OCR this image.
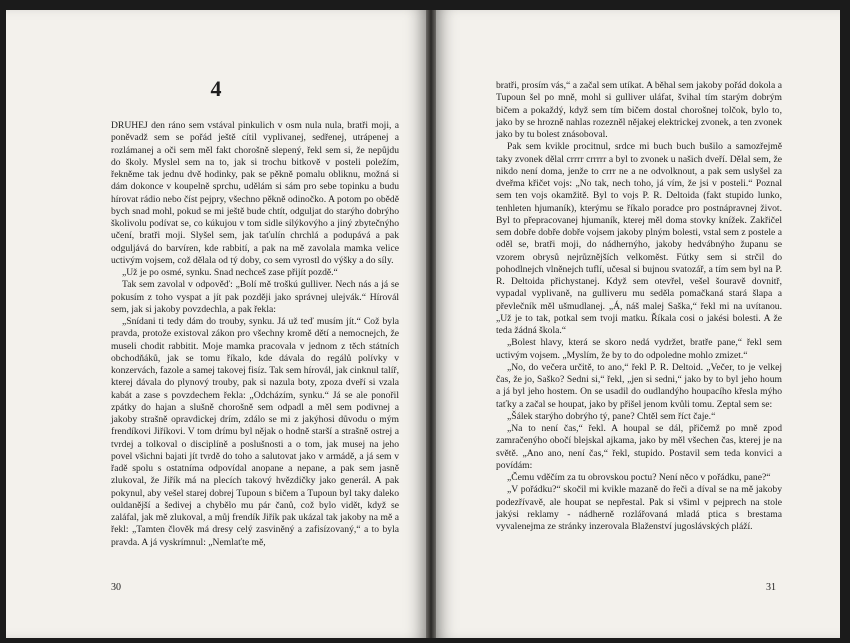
4

DRUHEJ den ráno sem vstával pinkulich v osm nula nula, bratři moji, a poněvadž sem se pořád ještě cítil vyplivanej, sedřenej, utrápenej a rozlámanej a oči sem měl fakt chorošně slepený, řekl sem si, že nepůjdu do školy. Myslel sem na to, jak si trochu bitkově v posteli poležím, řekněme tak jednu dvě hodinky, pak se pěkně pomalu obliknu, možná si dám dokonce v koupelně sprchu, udělám si sám pro sebe topinku a budu hírovat rádio nebo číst pejpry, všechno pěkně odinočko. A potom po obědě bych snad mohl, pokud se mi ještě bude chtít, odguljat do starýho dobrýho školivolu podívat se, co kúkujou v tom sidle silýkovýho a jiný zbytečnýho učení, bratři moji. Slyšel sem, jak taťulín chrchlá a podupává a pak odguljává do barvíren, kde rabbití, a pak na mě zavolala mamka velice uctivým vojsem, což dělala od tý doby, co sem vyrostl do výšky a do síly.

„Už je po osmé, synku. Snad nechceš zase přijít pozdě.“

Tak sem zavolal v odpověď: „Bolí mě troškú gulliver. Nech nás a já se pokusím z toho vyspat a jít pak později jako správnej ulejvák.“ Hírovál sem, jak si jakoby povzdechla, a pak řekla:

„Snídani ti tedy dám do trouby, synku. Já už teď musím jít.“ Což byla pravda, protože existoval zákon pro všechny kromě dětí a nemocnejch, že museli chodit rabbitit. Moje mamka pracovala v jednom z těch státních obchodňáků, jak se tomu říkalo, kde dávala do regálů polívky v konzervách, fazole a samej takovej fisíz. Tak sem hírovál, jak cinknul talíř, kterej dávala do plynový trouby, pak si nazula boty, zpoza dveří si vzala kabát a zase s povzdechem řekla: „Odcházím, synku.“ Já se ale ponořil zpátky do hajan a slušně chorošně sem odpadl a měl sem podivnej a jakoby strašně opravdickej drím, zdálo se mi z jakýhosi důvodu o mým frendíkovi Jiříkovi. V tom drímu byl nějak o hodně starší a strašně ostrej a tvrdej a tolkoval o disciplíně a poslušnosti a o tom, jak musej na jeho povel všichni bajati jít tvrdě do toho a salutovat jako v armádě, a já sem v řadě spolu s ostatníma odpovídal anopane a nepane, a pak sem jasně zlukoval, že Jiřík má na plecích takový hvězdičky jako generál. A pak pokynul, aby vešel starej dobrej Tupoun s bičem a Tupoun byl taky daleko ouldanější a šedivej a chybělo mu pár čanů, což bylo vidět, když se zaláfal, jak mě zlukoval, a můj frendík Jiřík pak ukázal tak jakoby na mě a řekl: „Tamten člověk má dresy celý zasviněný a zafisízovaný,“ a to byla pravda. A já vyskrímnul: „Nemlaťte mě,

30

bratři, prosím vás,“ a začal sem utíkat. A běhal sem jakoby pořád dokola a Tupoun šel po mně, mohl si gulliver uláfat, švihal tím starým dobrým bičem a pokaždý, když sem tím bičem dostal chorošnej tolčok, bylo to, jako by se hrozně nahlas rozezněl nějakej elektrickej zvonek, a ten zvonek jako by tu bolest znásoboval.

Pak sem kvikle procitnul, srdce mi buch buch bušilo a samozřejmě taky zvonek dělal crrrr crrrrr a byl to zvonek u našich dveří. Dělal sem, že nikdo není doma, jenže to crrr ne a ne odvolknout, a pak sem uslyšel za dveřma křičet vojs: „No tak, nech toho, já vím, že jsi v posteli.“ Poznal sem ten vojs okamžitě. Byl to vojs P. R. Deltoida (fakt stupido lunko, tenhleten hjumaník), kterýmu se říkalo poradce pro postnápravnej život. Byl to přepracovanej hjumaník, kterej měl doma stovky knížek. Zakřičel sem dobře dobře dobře vojsem jakoby plným bolesti, vstal sem z postele a oděl se, bratři moji, do nádhernýho, jakoby hedvábnýho županu se vzorem obrysů nejrůznějších velkoměst. Fútky sem si strčil do pohodlnejch vlněnejch tuflí, učesal si bujnou svatozář, a tím sem byl na P. R. Deltoida přichystanej. Když sem otevřel, vešel šouravě dovnitř, vypadal vyplivaně, na gulliveru mu seděla pomačkaná stará šlapa a převlečník měl ušmudlanej. „Á, náš malej Saška,“ řekl mi na uvítanou. „Už je to tak, potkal sem tvoji matku. Říkala cosi o jakési bolesti. A že teda žádná škola.“

„Bolest hlavy, která se skoro nedá vydržet, bratře pane,“ řekl sem uctivým vojsem. „Myslím, že by to do odpoledne mohlo zmizet.“

„No, do večera určitě, to ano,“ řekl P. R. Deltoid. „Večer, to je velkej čas, že jo, Saško? Sedni si,“ řekl, „jen si sedni,“ jako by to byl jeho houm a já byl jeho hostem. On se usadil do oudlandýho houpacího křesla mýho taťky a začal se houpat, jako by přišel jenom kvůli tomu. Zeptal sem se:

„Šálek starýho dobrýho tý, pane? Chtěl sem říct čaje.“

„Na to není čas,“ řekl. A houpal se dál, přičemž po mně zpod zamračenýho obočí blejskal ajkama, jako by měl všechen čas, kterej je na světě. „Ano ano, není čas,“ řekl, stupido. Postavil sem teda konvici a povídám:

„Čemu vděčím za tu obrovskou poctu? Není něco v pořádku, pane?“

„V pořádku?“ skočil mi kvikle mazaně do řeči a díval se na mě jakoby podezřívavě, ale houpat se nepřestal. Pak si všiml v pejprech na stole jakýsi reklamy - nádherně rozlářovaná mladá ptica s brestama vyvalenejma ze stránky inzerovala Blaženství jugoslávských pláží.

31
